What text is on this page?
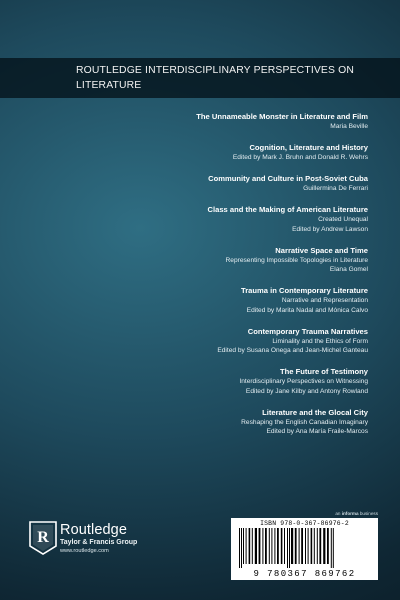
ROUTLEDGE INTERDISCIPLINARY PERSPECTIVES ON LITERATURE
The Unnameable Monster in Literature and Film
Maria Beville
Cognition, Literature and History
Edited by Mark J. Bruhn and Donald R. Wehrs
Community and Culture in Post-Soviet Cuba
Guillermina De Ferrari
Class and the Making of American Literature
Created Unequal
Edited by Andrew Lawson
Narrative Space and Time
Representing Impossible Topologies in Literature
Elana Gomel
Trauma in Contemporary Literature
Narrative and Representation
Edited by Marita Nadal and Mónica Calvo
Contemporary Trauma Narratives
Liminality and the Ethics of Form
Edited by Susana Onega and Jean-Michel Ganteau
The Future of Testimony
Interdisciplinary Perspectives on Witnessing
Edited by Jane Kilby and Antony Rowland
Literature and the Glocal City
Reshaping the English Canadian Imaginary
Edited by Ana María Fraile-Marcos
an informa business
ISBN 978-0-367-86976-2
9 780367 869762
R Routledge
Taylor & Francis Group
www.routledge.com
